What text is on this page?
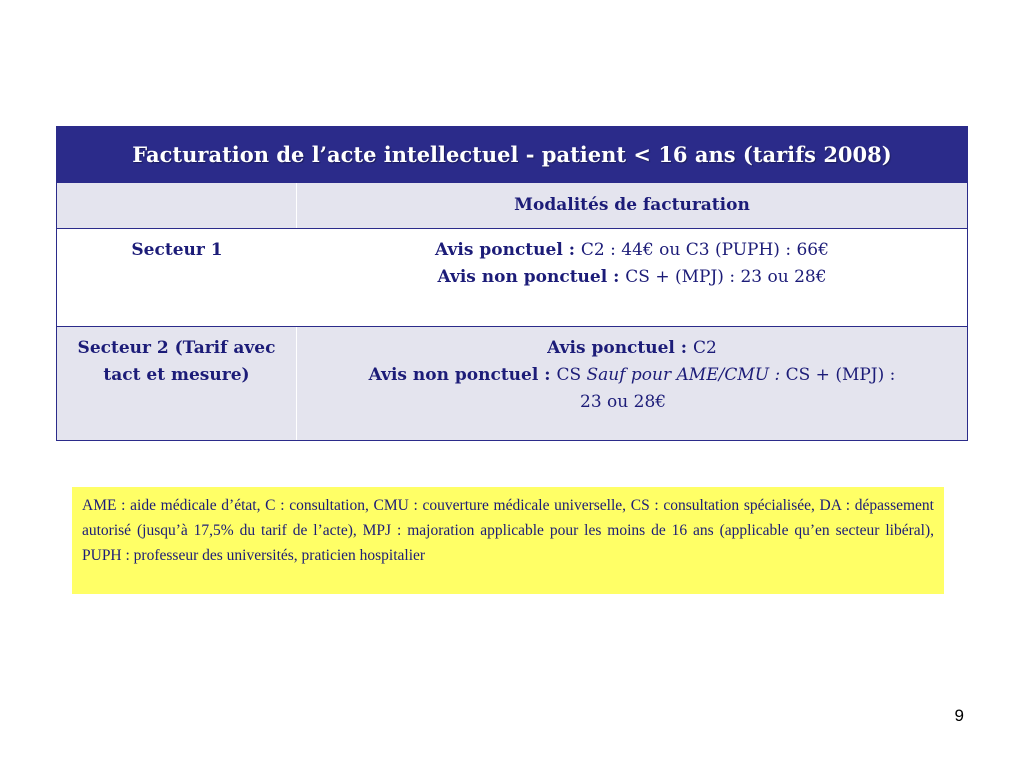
Facturation de l’acte intellectuel - patient < 16 ans (tarifs 2008)
Modalités de facturation
Secteur 1	Avis ponctuel : C2 : 44€ ou C3 (PUPH) : 66€
Avis non ponctuel : CS + (MPJ) : 23 ou 28€
Secteur 2 (Tarif avec tact et mesure)
Avis ponctuel : C2
Avis non ponctuel : CS Sauf pour AME/CMU : CS + (MPJ) :
23 ou 28€
AME : aide médicale d’état, C : consultation, CMU : couverture médicale universelle, CS : consultation spécialisée, DA : dépassement autorisé (jusqu’à 17,5% du tarif de l’acte), MPJ : majoration applicable pour les moins de 16 ans (applicable qu’en secteur libéral), PUPH : professeur des universités, praticien hospitalier
9
